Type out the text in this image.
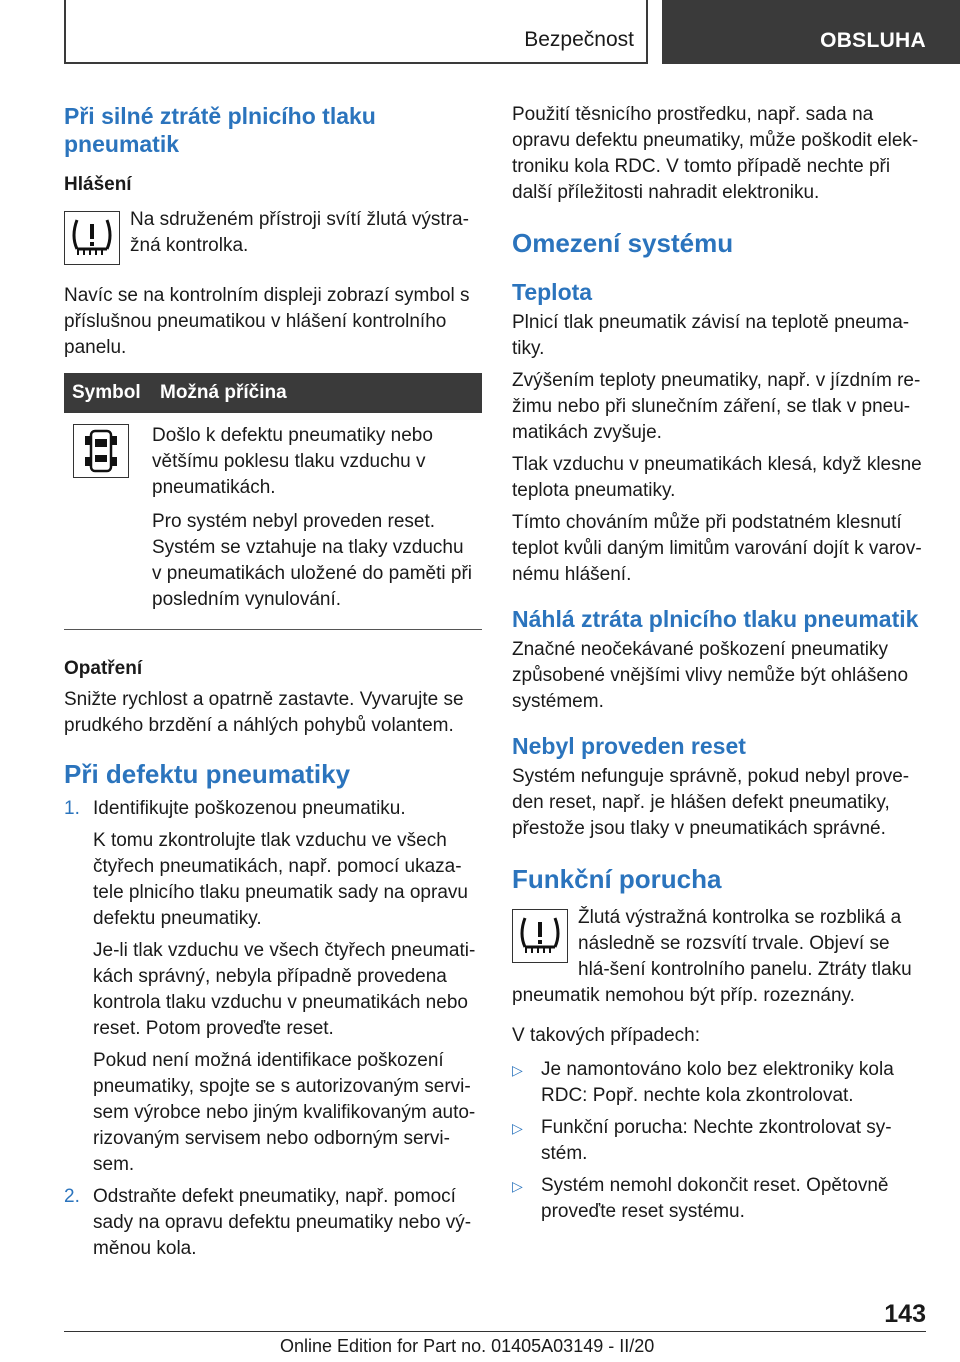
Bezpečnost	OBSLUHA
Při silné ztrátě plnicího tlaku pneumatik
Hlášení

Na sdruženém přístroji svítí žlutá výstra-žná kontrolka.

Navíc se na kontrolním displeji zobrazí symbol s příslušnou pneumatikou v hlášení kontrolního panelu.

Symbol	Možná příčina

Došlo k defektu pneumatiky nebo většímu poklesu tlaku vzduchu v pneumatikách.

Pro systém nebyl proveden reset. Systém se vztahuje na tlaky vzduchu v pneumatikách uložené do paměti při posledním vynulování.

Opatření

Snižte rychlost a opatrně zastavte. Vyvarujte se prudkého brzdění a náhlých pohybů volantem.

Při defektu pneumatiky
1. Identifikujte poškozenou pneumatiku.

K tomu zkontrolujte tlak vzduchu ve všech čtyřech pneumatikách, např. pomocí ukaza-tele plnicího tlaku pneumatik sady na opravu defektu pneumatiky.

Je-li tlak vzduchu ve všech čtyřech pneumati-kách správný, nebyla případně provedena kontrola tlaku vzduchu v pneumatikách nebo reset. Potom proveďte reset.

Pokud není možná identifikace poškození pneumatiky, spojte se s autorizovaným servi-sem výrobce nebo jiným kvalifikovaným auto-rizovaným servisem nebo odborným servi-sem.

2. Odstraňte defekt pneumatiky, např. pomocí sady na opravu defektu pneumatiky nebo vý-měnou kola.

Použití těsnicího prostředku, např. sada na opravu defektu pneumatiky, může poškodit elek-troniku kola RDC. V tomto případě nechte při další příležitosti nahradit elektroniku.

Omezení systému
Teplota

Plnicí tlak pneumatik závisí na teplotě pneuma-tiky.

Zvýšením teploty pneumatiky, např. v jízdním re-žimu nebo při slunečním záření, se tlak v pneu-matikách zvyšuje.

Tlak vzduchu v pneumatikách klesá, když klesne teplota pneumatiky.

Tímto chováním může při podstatném klesnutí teplot kvůli daným limitům varování dojít k varov-nému hlášení.

Náhlá ztráta plnicího tlaku pneumatik

Značné neočekávané poškození pneumatiky způsobené vnějšími vlivy nemůže být ohlášeno systémem.

Nebyl proveden reset

Systém nefunguje správně, pokud nebyl prove-den reset, např. je hlášen defekt pneumatiky, přestože jsou tlaky v pneumatikách správné.

Funkční porucha

Žlutá výstražná kontrolka se rozbliká a následně se rozsvítí trvale. Objeví se hlá-šení kontrolního panelu. Ztráty tlaku pneumatik nemohou být příp. rozeznány.

V takových případech:

▷ Je namontováno kolo bez elektroniky kola RDC: Popř. nechte kola zkontrolovat.
▷ Funkční porucha: Nechte zkontrolovat sy-stém.
▷ Systém nemohl dokončit reset. Opětovně proveďte reset systému.
143
Online Edition for Part no. 01405A03149 - II/20
